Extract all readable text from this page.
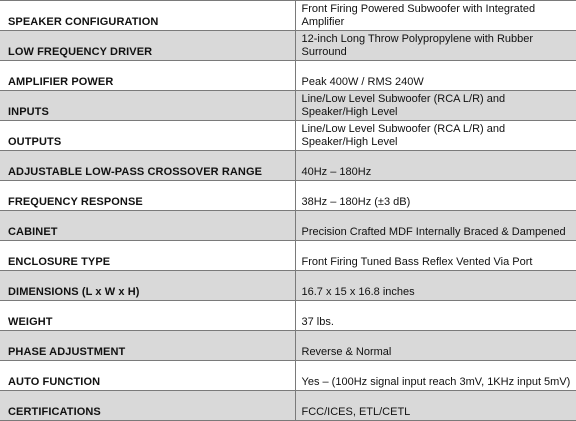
SPEAKER CONFIGURATION	Front Firing Powered Subwoofer with Integrated Amplifier
LOW FREQUENCY DRIVER	12-inch Long Throw Polypropylene with Rubber Surround
AMPLIFIER POWER	Peak 400W / RMS 240W
INPUTS	Line/Low Level Subwoofer (RCA L/R) and Speaker/High Level
OUTPUTS	Line/Low Level Subwoofer (RCA L/R) and Speaker/High Level
ADJUSTABLE LOW-PASS CROSSOVER RANGE	40Hz – 180Hz
FREQUENCY RESPONSE	38Hz – 180Hz (±3 dB)
CABINET	Precision Crafted MDF Internally Braced & Dampened
ENCLOSURE TYPE	Front Firing Tuned Bass Reflex Vented Via Port
DIMENSIONS (L x W x H)	16.7 x 15 x 16.8 inches
WEIGHT	37 lbs.
PHASE ADJUSTMENT	Reverse & Normal
AUTO FUNCTION	Yes – (100Hz signal input reach 3mV, 1KHz input 5mV)
CERTIFICATIONS	FCC/ICES, ETL/CETL
